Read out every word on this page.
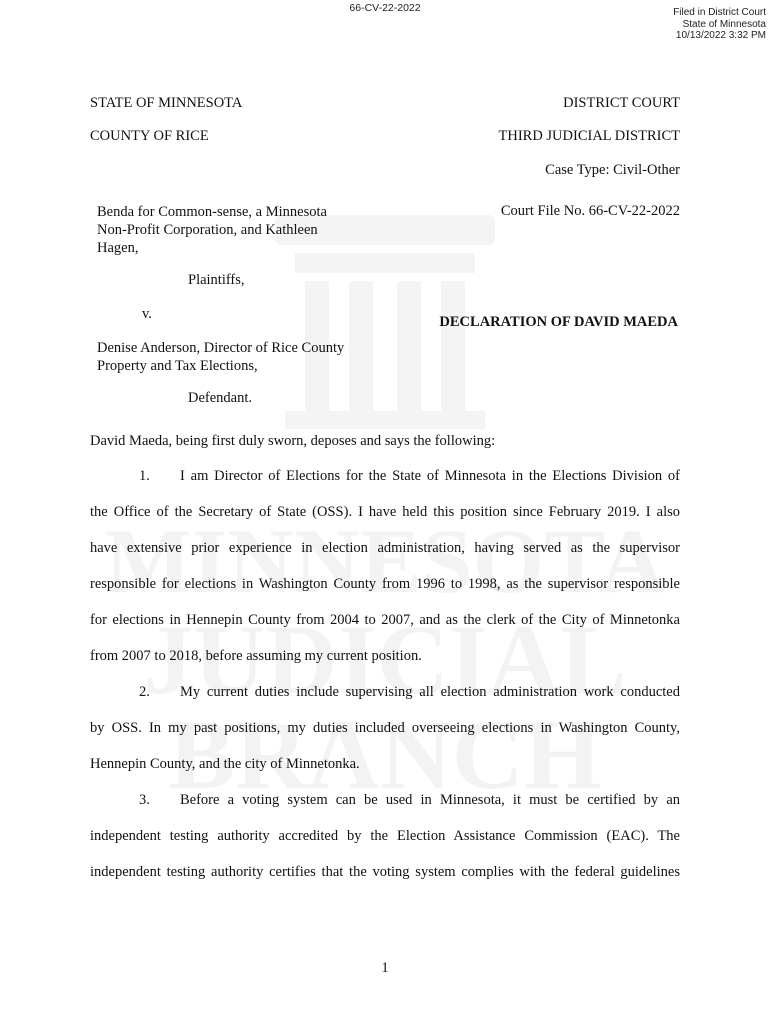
66-CV-22-2022	Filed in District Court
State of Minnesota
10/13/2022 3:32 PM
STATE OF MINNESOTA	DISTRICT COURT
COUNTY OF RICE	THIRD JUDICIAL DISTRICT
Case Type: Civil-Other
Benda for Common-sense, a Minnesota
Non-Profit Corporation, and Kathleen
Hagen,
Court File No. 66-CV-22-2022
Plaintiffs,
v.	DECLARATION OF DAVID MAEDA
Denise Anderson, Director of Rice County
Property and Tax Elections,
Defendant.
David Maeda, being first duly sworn, deposes and says the following:
1. I am Director of Elections for the State of Minnesota in the Elections Division of
the Office of the Secretary of State (OSS). I have held this position since February 2019. I also
have extensive prior experience in election administration, having served as the supervisor
responsible for elections in Washington County from 1996 to 1998, as the supervisor responsible
for elections in Hennepin County from 2004 to 2007, and as the clerk of the City of Minnetonka
from 2007 to 2018, before assuming my current position.
2. My current duties include supervising all election administration work conducted
by OSS. In my past positions, my duties included overseeing elections in Washington County,
Hennepin County, and the city of Minnetonka.
3. Before a voting system can be used in Minnesota, it must be certified by an
independent testing authority accredited by the Election Assistance Commission (EAC). The
independent testing authority certifies that the voting system complies with the federal guidelines
1
